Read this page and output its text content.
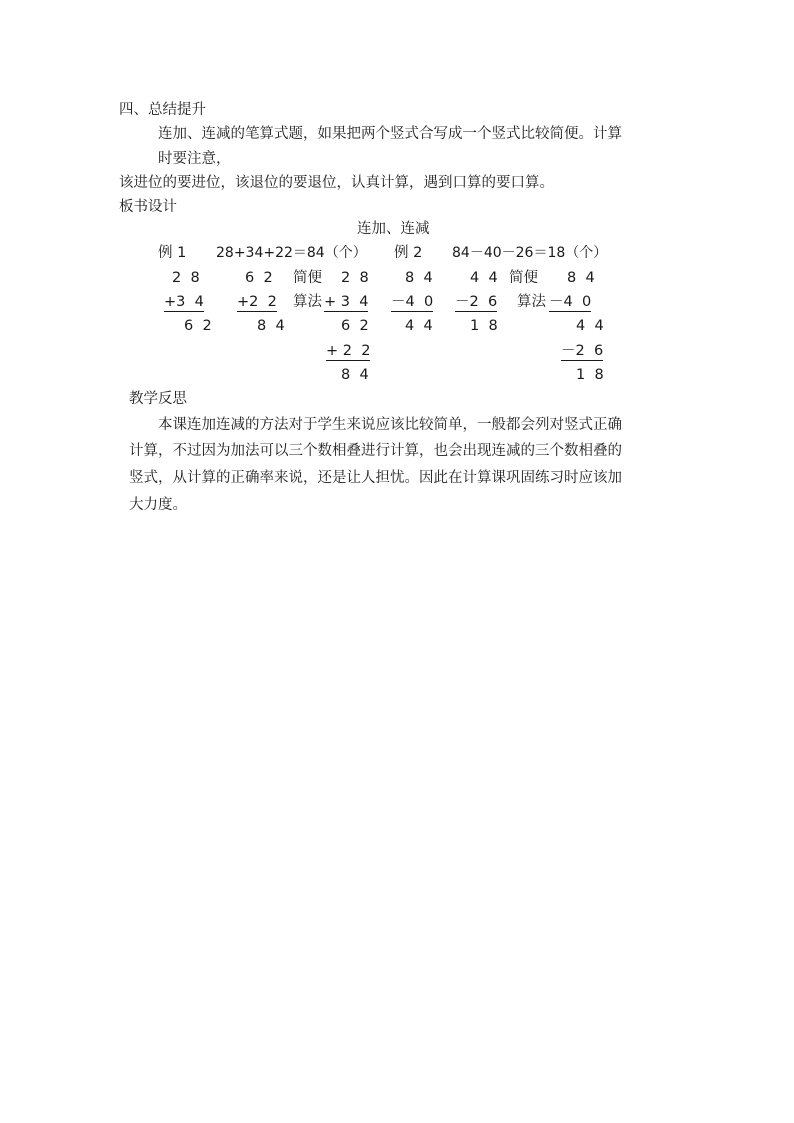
四、总结提升
连加、连减的笔算式题，如果把两个竖式合写成一个竖式比较简便。计算
时要注意，
该进位的要进位，该退位的要退位，认真计算，遇到口算的要口算。
板书设计
连加、连减
例 1 28+34+22＝84（个） 例 2 84－40－26＝18（个）
2  8
+3  4
6  2
6  2
+2  2
8  4
简便
算法
2  8
+ 3  4
6  2
+ 2  2
8  4
8  4
－4  0
4  4
4  4
－2  6
1  8
简便
算法
8  4
－4  0
4  4
－2  6
1  8
教学反思
本课连加连减的方法对于学生来说应该比较简单，一般都会列对竖式正确
计算，不过因为加法可以三个数相叠进行计算，也会出现连减的三个数相叠的
竖式，从计算的正确率来说，还是让人担忧。因此在计算课巩固练习时应该加
大力度。
